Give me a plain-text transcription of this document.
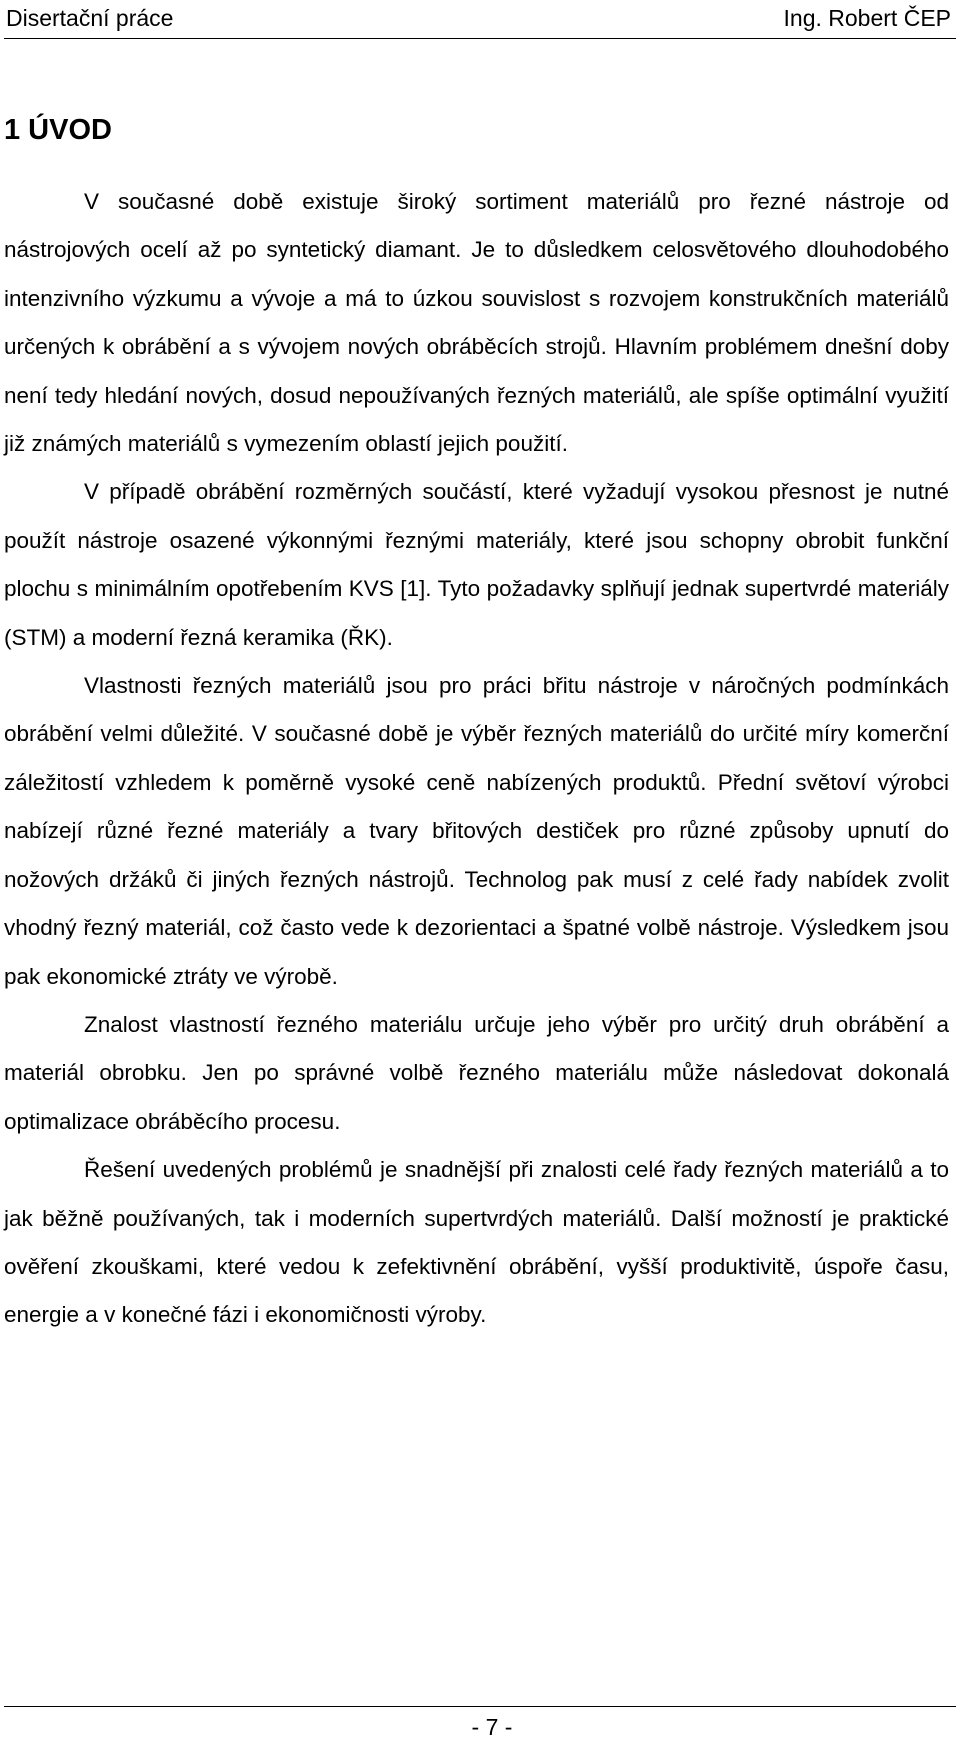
Disertační práce	Ing. Robert ČEP
1 ÚVOD

V současné době existuje široký sortiment materiálů pro řezné nástroje od nástrojových ocelí až po syntetický diamant. Je to důsledkem celosvětového dlouhodobého intenzivního výzkumu a vývoje a má to úzkou souvislost s rozvojem konstrukčních materiálů určených k obrábění a s vývojem nových obráběcích strojů. Hlavním problémem dnešní doby není tedy hledání nových, dosud nepoužívaných řezných materiálů, ale spíše optimální využití již známých materiálů s vymezením oblastí jejich použití.

V případě obrábění rozměrných součástí, které vyžadují vysokou přesnost je nutné použít nástroje osazené výkonnými řeznými materiály, které jsou schopny obrobit funkční plochu s minimálním opotřebením KVS [1]. Tyto požadavky splňují jednak supertvrdé materiály (STM) a moderní řezná keramika (ŘK).

Vlastnosti řezných materiálů jsou pro práci břitu nástroje v náročných podmínkách obrábění velmi důležité. V současné době je výběr řezných materiálů do určité míry komerční záležitostí vzhledem k poměrně vysoké ceně nabízených produktů. Přední světoví výrobci nabízejí různé řezné materiály a tvary břitových destiček pro různé způsoby upnutí do nožových držáků či jiných řezných nástrojů. Technolog pak musí z celé řady nabídek zvolit vhodný řezný materiál, což často vede k dezorientaci a špatné volbě nástroje. Výsledkem jsou pak ekonomické ztráty ve výrobě.

Znalost vlastností řezného materiálu určuje jeho výběr pro určitý druh obrábění a materiál obrobku. Jen po správné volbě řezného materiálu může následovat dokonalá optimalizace obráběcího procesu.

Řešení uvedených problémů je snadnější při znalosti celé řady řezných materiálů a to jak běžně používaných, tak i moderních supertvrdých materiálů. Další možností je praktické ověření zkouškami, které vedou k zefektivnění obrábění, vyšší produktivitě, úspoře času, energie a v konečné fázi i ekonomičnosti výroby.

- 7 -
